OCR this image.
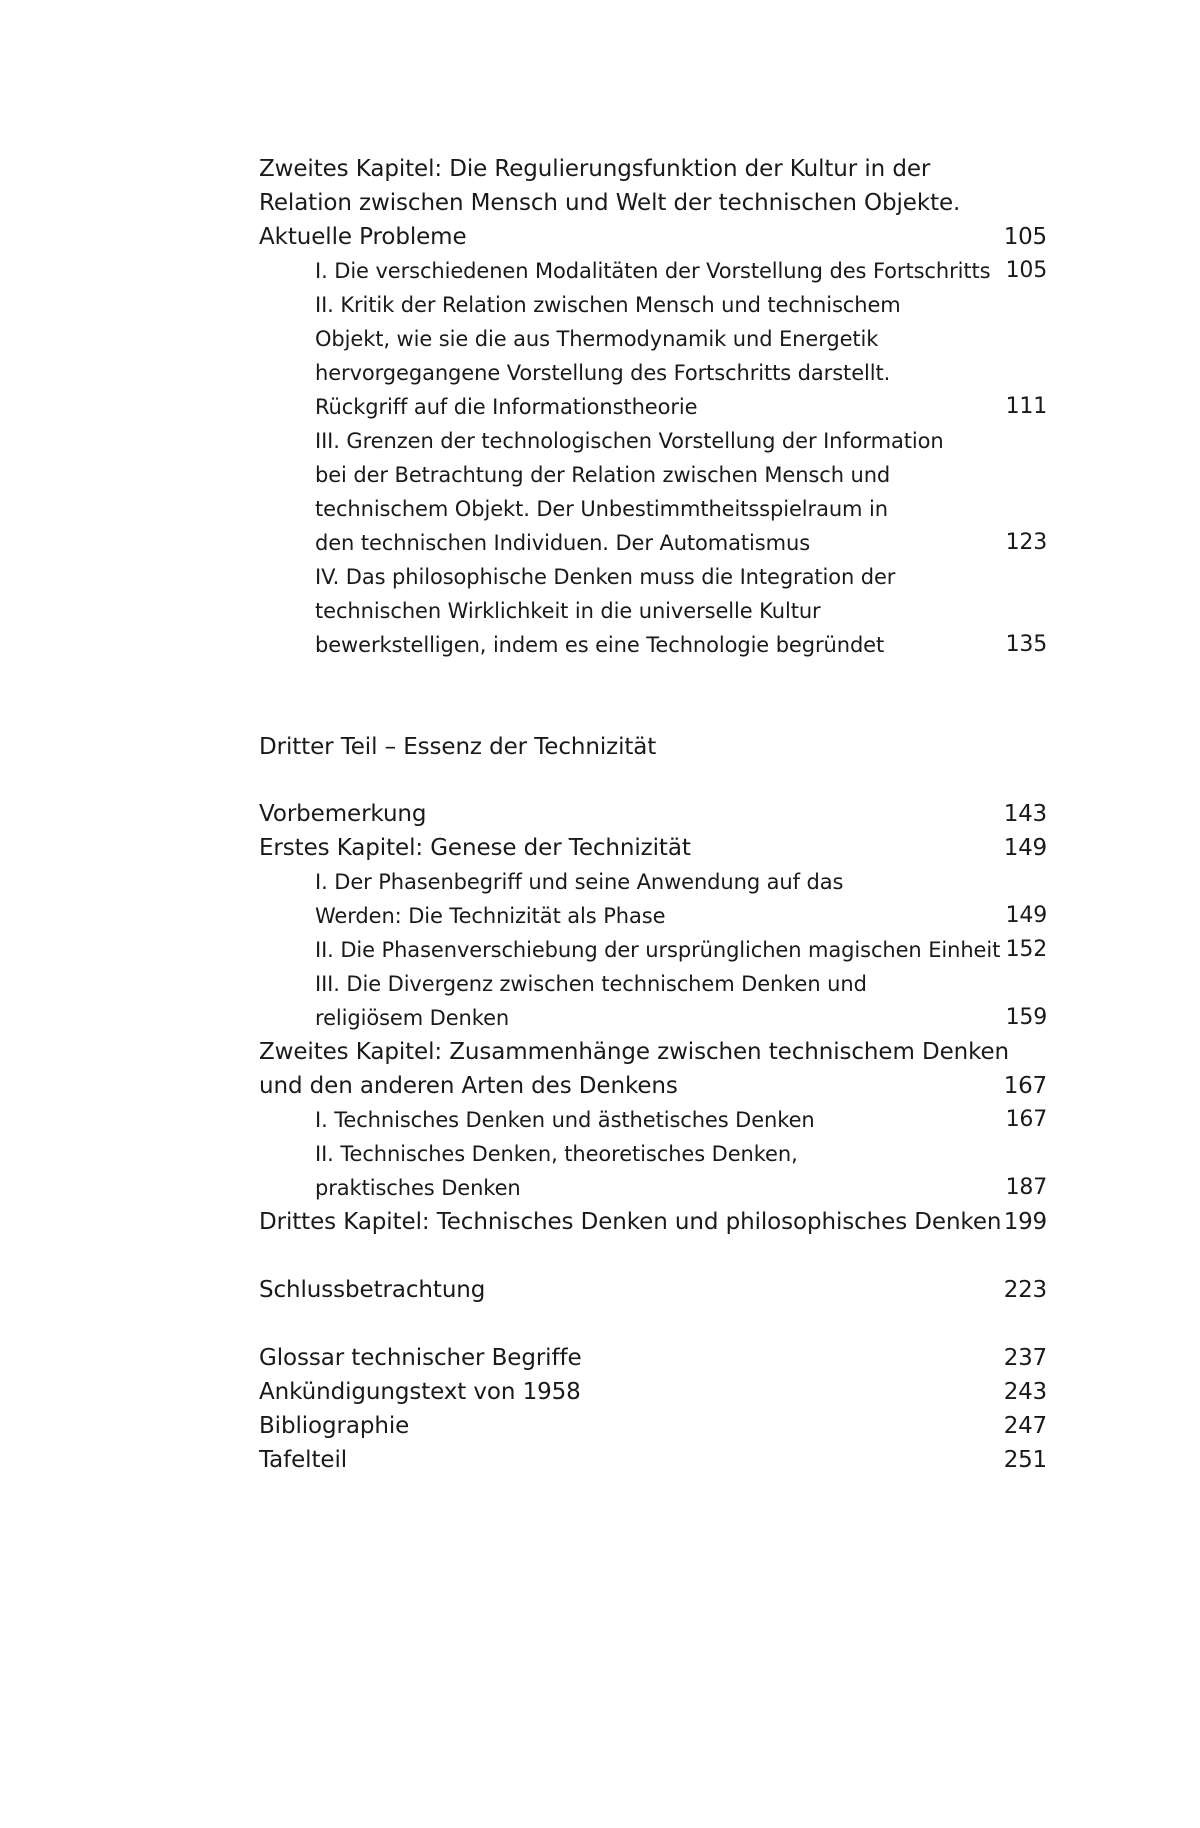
Zweites Kapitel: Die Regulierungsfunktion der Kultur in der
Relation zwischen Mensch und Welt der technischen Objekte.
Aktuelle Probleme	105
I. Die verschiedenen Modalitäten der Vorstellung des Fortschritts 105
II. Kritik der Relation zwischen Mensch und technischem
Objekt, wie sie die aus Thermodynamik und Energetik
hervorgegangene Vorstellung des Fortschritts darstellt.
Rückgriff auf die Informationstheorie	111
III. Grenzen der technologischen Vorstellung der Information
bei der Betrachtung der Relation zwischen Mensch und
technischem Objekt. Der Unbestimmtheitsspielraum in
den technischen Individuen. Der Automatismus	123
IV. Das philosophische Denken muss die Integration der
technischen Wirklichkeit in die universelle Kultur
bewerkstelligen, indem es eine Technologie begründet	135
Dritter Teil – Essenz der Technizität
Vorbemerkung	143
Erstes Kapitel: Genese der Technizität	149
I. Der Phasenbegriff und seine Anwendung auf das
Werden: Die Technizität als Phase	149
II. Die Phasenverschiebung der ursprünglichen magischen Einheit 152
III. Die Divergenz zwischen technischem Denken und
religiösem Denken	159
Zweites Kapitel: Zusammenhänge zwischen technischem Denken
und den anderen Arten des Denkens	167
I. Technisches Denken und ästhetisches Denken	167
II. Technisches Denken, theoretisches Denken,
praktisches Denken	187
Drittes Kapitel: Technisches Denken und philosophisches Denken 199
Schlussbetrachtung	223
Glossar technischer Begriffe	237
Ankündigungstext von 1958	243
Bibliographie	247
Tafelteil	251
